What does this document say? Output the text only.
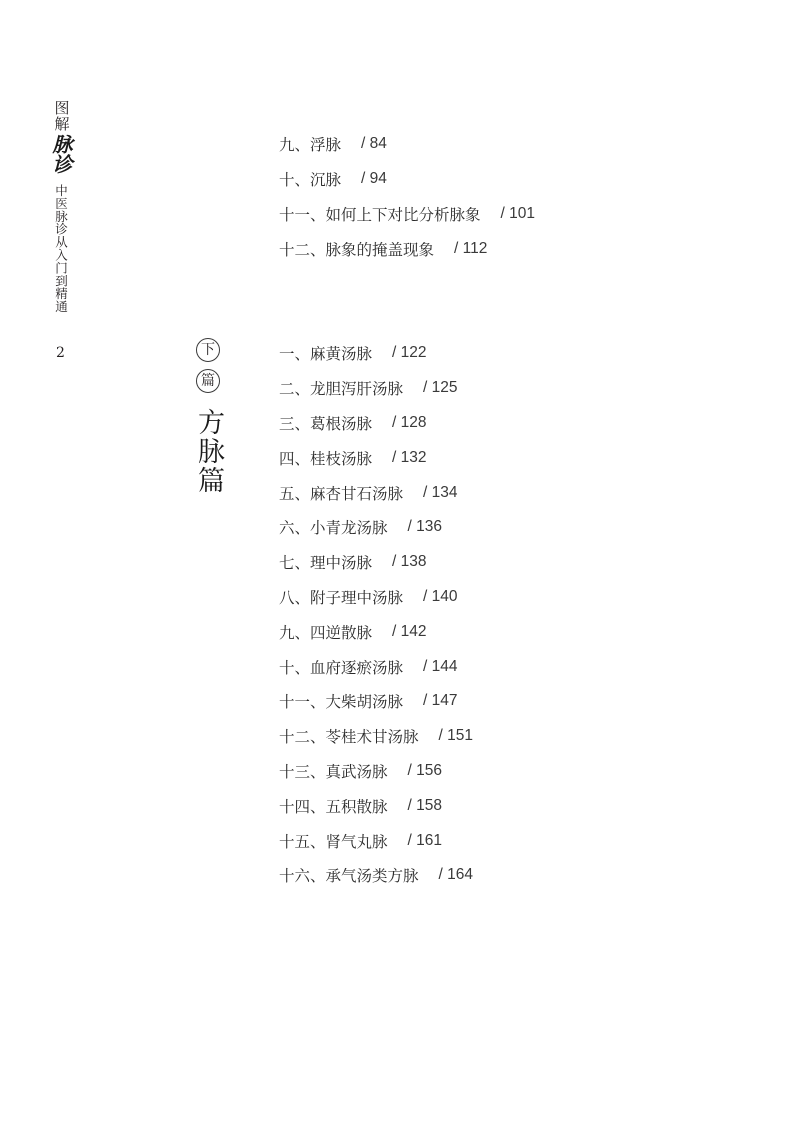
图解
脉诊
中医脉诊从入门到精通
2	下
篇
方脉篇
九、浮脉 / 84
十、沉脉 / 94
十一、如何上下对比分析脉象 / 101
十二、脉象的掩盖现象 / 112
一、麻黄汤脉 / 122
二、龙胆泻肝汤脉 / 125
三、葛根汤脉 / 128
四、桂枝汤脉 / 132
五、麻杏甘石汤脉 / 134
六、小青龙汤脉 / 136
七、理中汤脉 / 138
八、附子理中汤脉 / 140
九、四逆散脉 / 142
十、血府逐瘀汤脉 / 144
十一、大柴胡汤脉 / 147
十二、苓桂术甘汤脉 / 151
十三、真武汤脉 / 156
十四、五积散脉 / 158
十五、肾气丸脉 / 161
十六、承气汤类方脉 / 164
